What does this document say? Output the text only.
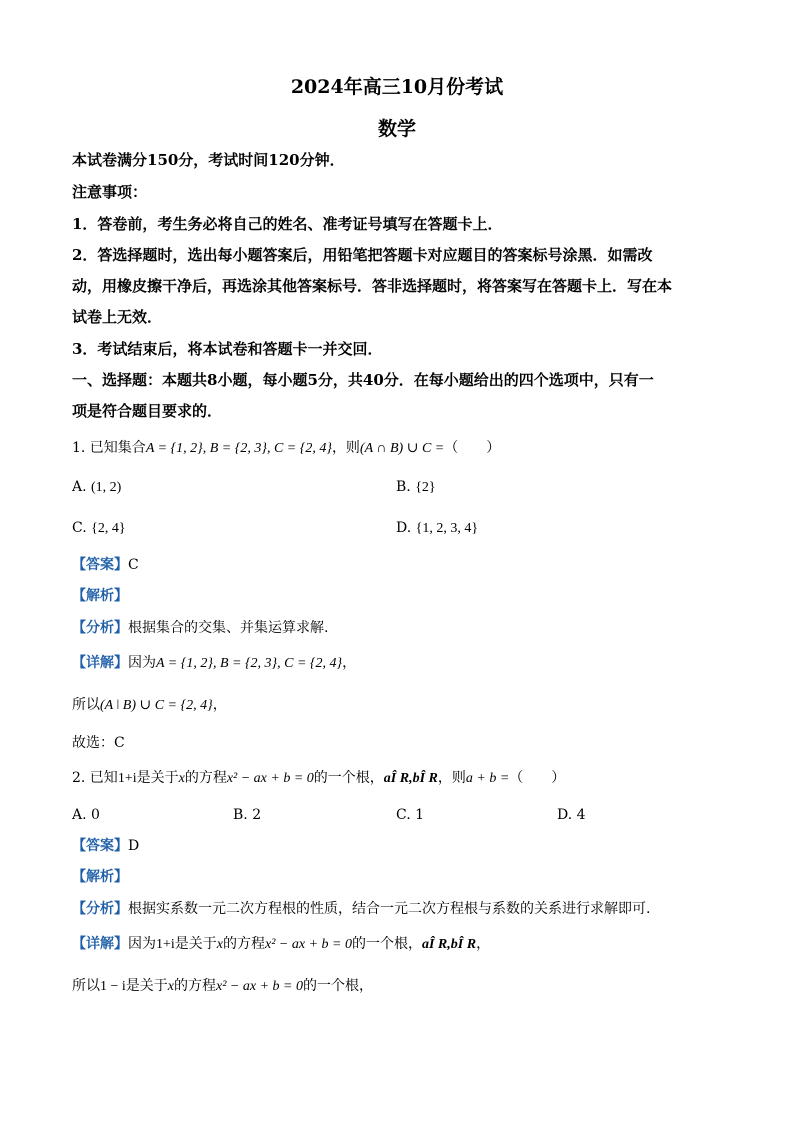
2024年高三10月份考试
数学
本试卷满分150分，考试时间120分钟．
注意事项：
1．答卷前，考生务必将自己的姓名、准考证号填写在答题卡上．
2．答选择题时，选出每小题答案后，用铅笔把答题卡对应题目的答案标号涂黑．如需改
动，用橡皮擦干净后，再选涂其他答案标号．答非选择题时，将答案写在答题卡上．写在本
试卷上无效．
3．考试结束后，将本试卷和答题卡一并交回．
一、选择题：本题共8小题，每小题5分，共40分．在每小题给出的四个选项中，只有一
项是符合题目要求的．
1. 已知集合A = {1, 2}, B = {2, 3}, C = {2, 4}，则(A ∩ B) ∪ C =（　　）
A. (1, 2)	B. {2}
C. {2, 4}	D. {1, 2, 3, 4}
【答案】C
【解析】
【分析】根据集合的交集、并集运算求解.
【详解】因为A = {1, 2}, B = {2, 3}, C = {2, 4}，
所以(A ǀ B) ∪ C = {2, 4}，
故选：C
2. 已知1+i是关于x的方程x² − ax + b = 0的一个根，aÎ R,bÎ R，则a + b =（　　）
A. 0	B. 2	C. 1	D. 4
【答案】D
【解析】
【分析】根据实系数一元二次方程根的性质，结合一元二次方程根与系数的关系进行求解即可.
【详解】因为1+i是关于x的方程x² − ax + b = 0的一个根，aÎ R,bÎ R，
所以1 − i是关于x的方程x² − ax + b = 0的一个根，
